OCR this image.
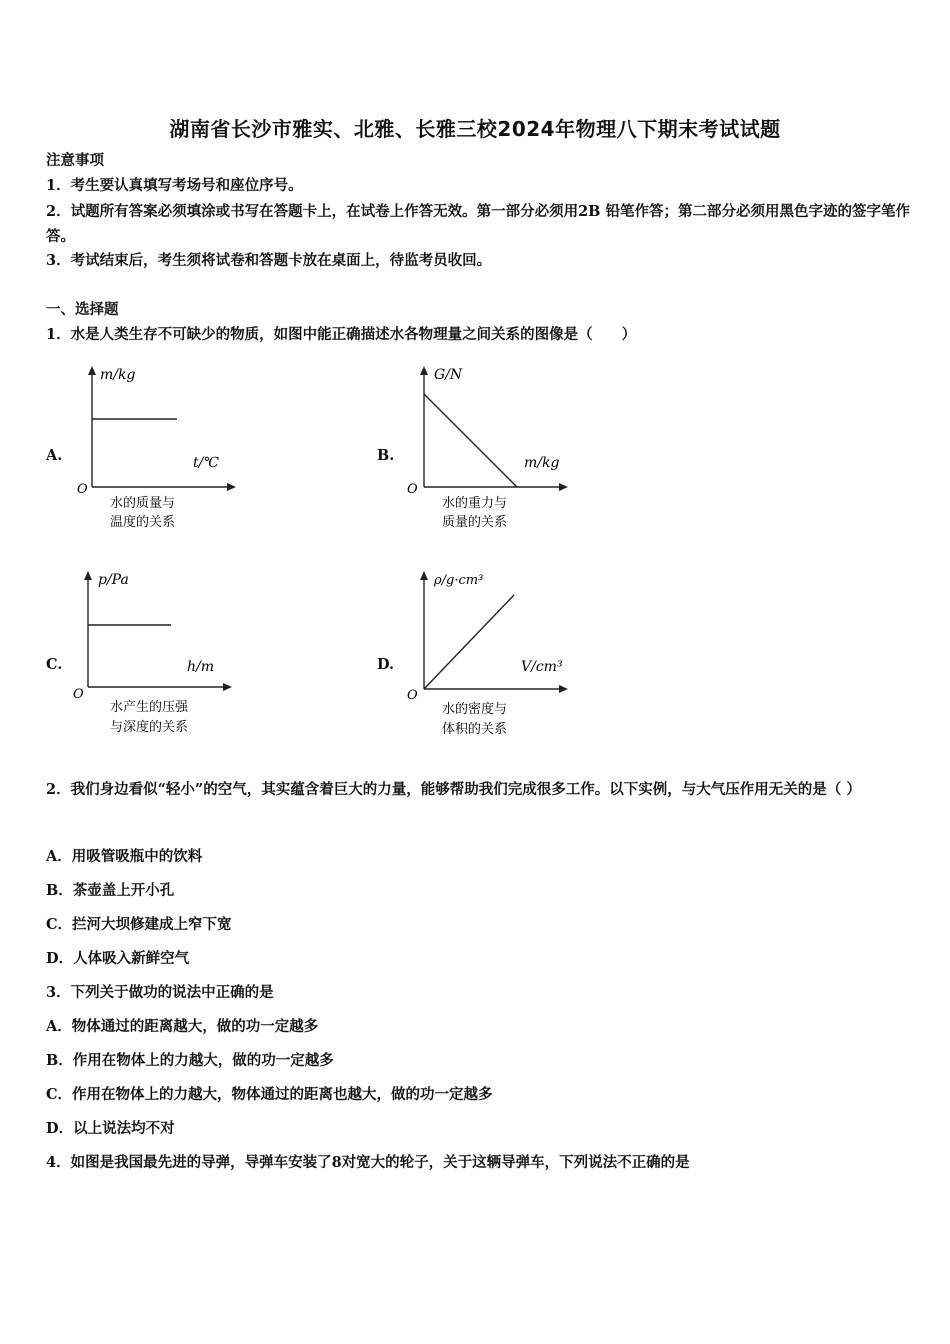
湖南省长沙市雅实、北雅、长雅三校2024年物理八下期末考试试题
注意事项
1．考生要认真填写考场号和座位序号。
2．试题所有答案必须填涂或书写在答题卡上，在试卷上作答无效。第一部分必须用2B 铅笔作答；第二部分必须用黑色字迹的签字笔作答。
3．考试结束后，考生须将试卷和答题卡放在桌面上，待监考员收回。
一、选择题
1．水是人类生存不可缺少的物质，如图中能正确描述水各物理量之间关系的图像是（　　）
A.
m/kg
t/℃
O
水的质量与
温度的关系
B.
G/N
m/kg
O
水的重力与
质量的关系
C.
p/Pa
h/m
O
水产生的压强
与深度的关系
D.
ρ/g·cm³
V/cm³
O
水的密度与
体积的关系
2．我们身边看似“轻小”的空气，其实蕴含着巨大的力量，能够帮助我们完成很多工作。以下实例，与大气压作用无关的是（ ）
A．用吸管吸瓶中的饮料
B．茶壶盖上开小孔
C．拦河大坝修建成上窄下宽
D．人体吸入新鲜空气
3．下列关于做功的说法中正确的是
A．物体通过的距离越大，做的功一定越多
B．作用在物体上的力越大，做的功一定越多
C．作用在物体上的力越大，物体通过的距离也越大，做的功一定越多
D．以上说法均不对
4．如图是我国最先进的导弹，导弹车安装了8对宽大的轮子，关于这辆导弹车，下列说法不正确的是
